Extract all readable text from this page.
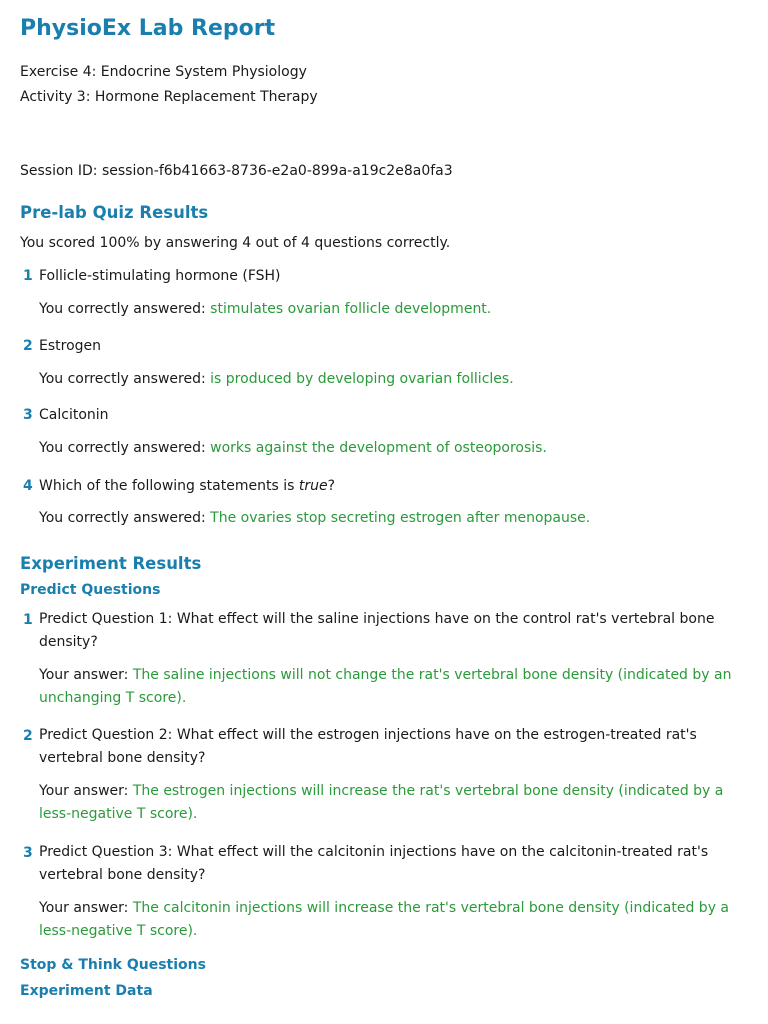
PhysioEx Lab Report
Exercise 4: Endocrine System Physiology
Activity 3: Hormone Replacement Therapy
Session ID: session-f6b41663-8736-e2a0-899a-a19c2e8a0fa3
Pre-lab Quiz Results
You scored 100% by answering 4 out of 4 questions correctly.
1 Follicle-stimulating hormone (FSH)
You correctly answered: stimulates ovarian follicle development.
2 Estrogen
You correctly answered: is produced by developing ovarian follicles.
3 Calcitonin
You correctly answered: works against the development of osteoporosis.
4 Which of the following statements is true?
You correctly answered: The ovaries stop secreting estrogen after menopause.
Experiment Results
Predict Questions
1 Predict Question 1: What effect will the saline injections have on the control rat's vertebral bone density?
Your answer: The saline injections will not change the rat's vertebral bone density (indicated by an unchanging T score).
2 Predict Question 2: What effect will the estrogen injections have on the estrogen-treated rat's vertebral bone density?
Your answer: The estrogen injections will increase the rat's vertebral bone density (indicated by a less-negative T score).
3 Predict Question 3: What effect will the calcitonin injections have on the calcitonin-treated rat's vertebral bone density?
Your answer: The calcitonin injections will increase the rat's vertebral bone density (indicated by a less-negative T score).
Stop & Think Questions
Experiment Data
